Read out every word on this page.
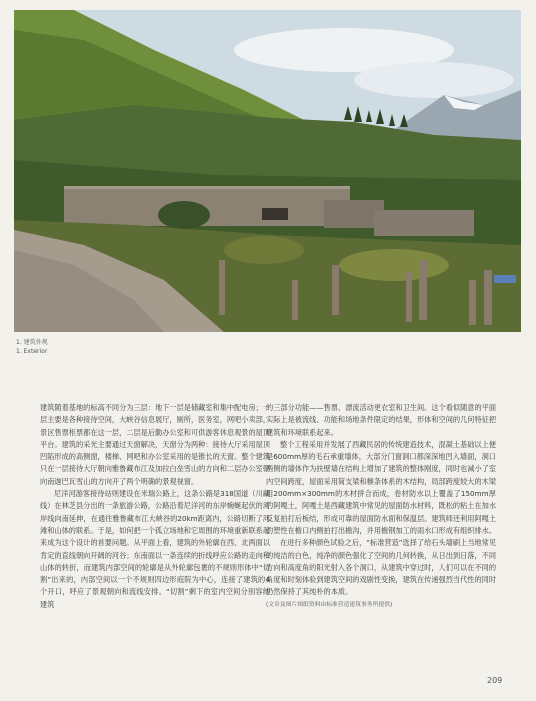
1. 建筑外观
1. Exterior

建筑随着基地的标高不同分为三层：地下一层是储藏室和集中配电房；一层主要是各种接待空间，大峡谷信息展厅，厕所，医务室，网吧小卖部，景区售票柜票都在这一层，二层是后勤办公室和可供游客休息观景的屋顶平台。建筑的采光主要通过天窗解决，天窗分为两种：接待大厅采用屋顶凹陷形成的高侧窗，楼梯、网吧和办公室采用的是锥长的天窗。整个建筑只在一层接待大厅朝向雅鲁藏布江及加拉白垒雪山的方向和二层办公室朝向南迦巴瓦雪山的方向开了两个明确的景观视窗。

尼洋河游客接待站则建设在米瑞公路上，这条公路是318国道（川藏线）在林芝县分出的一条旅游公路，公路沿着尼洋河的东岸蜿蜒起伏的河岸线向南延伸，在通往雅鲁藏布江大峡谷的20km距离内，公路切断了河滩和山体的联系。于是，如何把一个孤立场地和它周围的环境重新联系起来成为这个设计的首要问题。从平面上看，建筑的外轮廓在西、北两面以肯定的直线朝向开阔的河谷；东南面以一条连续的折线呼应公路的走向和山体的转折，而建筑内部空间的轮廓是从外轮廓包裹的不规则形体中“切割”出来的，内部空间以一个不规则四边形庭院为中心，连接了建筑的4个开口，呼应了景观朝向和流线安排。“切割”剩下的室内空间分别容纳建筑

的三部分功能——售票、漂流活动更衣室和卫生间。这个看似随意的平面实际上是被流线、功能和场地条件限定的结果，形体和空间的几何特征把建筑和环境联系起来。

整个工程采用并发展了西藏民居的传统建造技术，混凝土基础以上便是600mm厚的毛石承重墙体，大部分门窗洞口都深深地凹入墙面，洞口两侧的墙体作为扶壁墙在结构上增加了建筑的整体刚度，同时也减小了室内空间跨度，屋面采用简支梁和檩条体系的木结构，局部跨度较大的木梁用200mm×300mm的木材拼合而成，卷材防水以上覆盖了150mm厚的阿嘎土，阿嘎土是西藏建筑中常见的屋面防水材料，既松的粘土在加水反复拍打后板结，形成可靠的屋面防水面和保温层。建筑师还利用阿嘎土的塑性在檐口内侧拍打出檐沟，并用檐钢加工的雨水口形成有组织排水。

在进行多种颜色试验之后，“标准营造”选择了给石头墙刷上当地常见的纯洁的白色，纯净的颜色强化了空间的几何转换，从日出到日落，不同方向和高度角的阳光射入各个洞口，从建筑中穿过时，人们可以在不同的角度和时刻体验到建筑空间的戏剧性变换，建筑在传递强烈当代性的同时仍然保持了其纯朴的本质。

(文章及图片图纸资料由标准营造建筑事务所提供)
209
